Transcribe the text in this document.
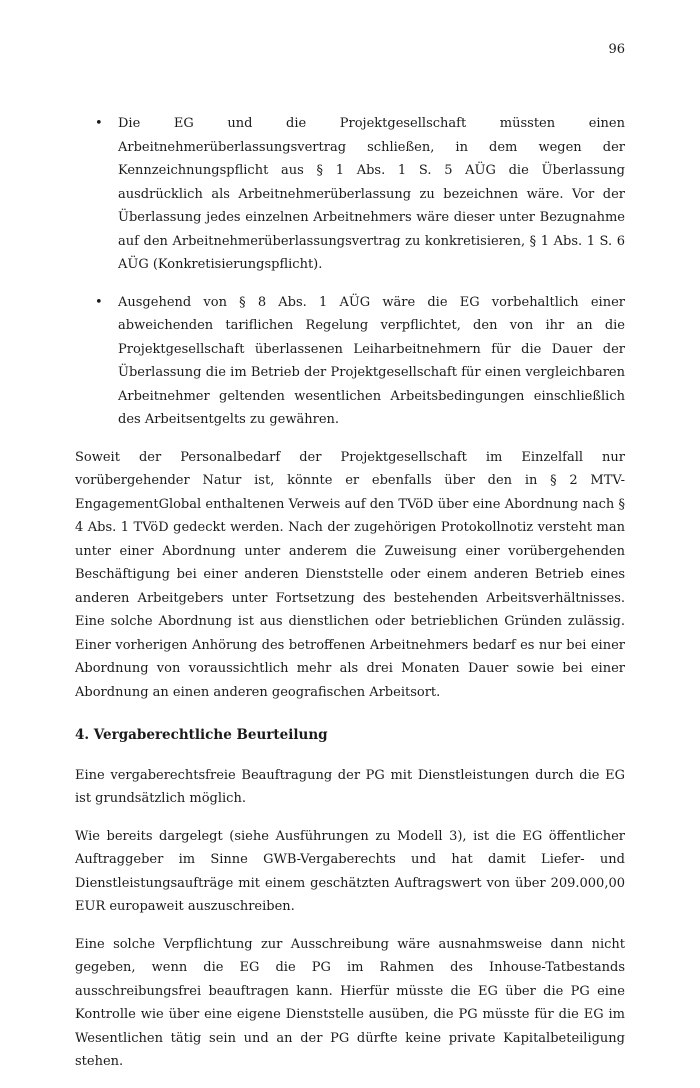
96
• Die EG und die Projektgesellschaft müssten einen Arbeitnehmerüberlassungsvertrag schließen, in dem wegen der Kennzeichnungspflicht aus § 1 Abs. 1 S. 5 AÜG die Überlassung ausdrücklich als Arbeitnehmerüberlassung zu bezeichnen wäre. Vor der Überlassung jedes einzelnen Arbeitnehmers wäre dieser unter Bezugnahme auf den Arbeitnehmerüberlassungsvertrag zu konkretisieren, § 1 Abs. 1 S. 6 AÜG (Konkretisierungspflicht).
• Ausgehend von § 8 Abs. 1 AÜG wäre die EG vorbehaltlich einer abweichenden tariflichen Regelung verpflichtet, den von ihr an die Projektgesellschaft überlassenen Leiharbeitnehmern für die Dauer der Überlassung die im Betrieb der Projektgesellschaft für einen vergleichbaren Arbeitnehmer geltenden wesentlichen Arbeitsbedingungen einschließlich des Arbeitsentgelts zu gewähren.

Soweit der Personalbedarf der Projektgesellschaft im Einzelfall nur vorübergehender Natur ist, könnte er ebenfalls über den in § 2 MTV-EngagementGlobal enthaltenen Verweis auf den TVöD über eine Abordnung nach § 4 Abs. 1 TVöD gedeckt werden. Nach der zugehörigen Protokollnotiz versteht man unter einer Abordnung unter anderem die Zuweisung einer vorübergehenden Beschäftigung bei einer anderen Dienststelle oder einem anderen Betrieb eines anderen Arbeitgebers unter Fortsetzung des bestehenden Arbeitsverhältnisses. Eine solche Abordnung ist aus dienstlichen oder betrieblichen Gründen zulässig. Einer vorherigen Anhörung des betroffenen Arbeitnehmers bedarf es nur bei einer Abordnung von voraussichtlich mehr als drei Monaten Dauer sowie bei einer Abordnung an einen anderen geografischen Arbeitsort.

4. Vergaberechtliche Beurteilung

Eine vergaberechtsfreie Beauftragung der PG mit Dienstleistungen durch die EG ist grundsätzlich möglich.

Wie bereits dargelegt (siehe Ausführungen zu Modell 3), ist die EG öffentlicher Auftraggeber im Sinne GWB-Vergaberechts und hat damit Liefer- und Dienstleistungsaufträge mit einem geschätzten Auftragswert von über 209.000,00 EUR europaweit auszuschreiben.

Eine solche Verpflichtung zur Ausschreibung wäre ausnahmsweise dann nicht gegeben, wenn die EG die PG im Rahmen des Inhouse-Tatbestands ausschreibungsfrei beauftragen kann. Hierfür müsste die EG über die PG eine Kontrolle wie über eine eigene Dienststelle ausüben, die PG müsste für die EG im Wesentlichen tätig sein und an der PG dürfte keine private Kapitalbeteiligung stehen.
